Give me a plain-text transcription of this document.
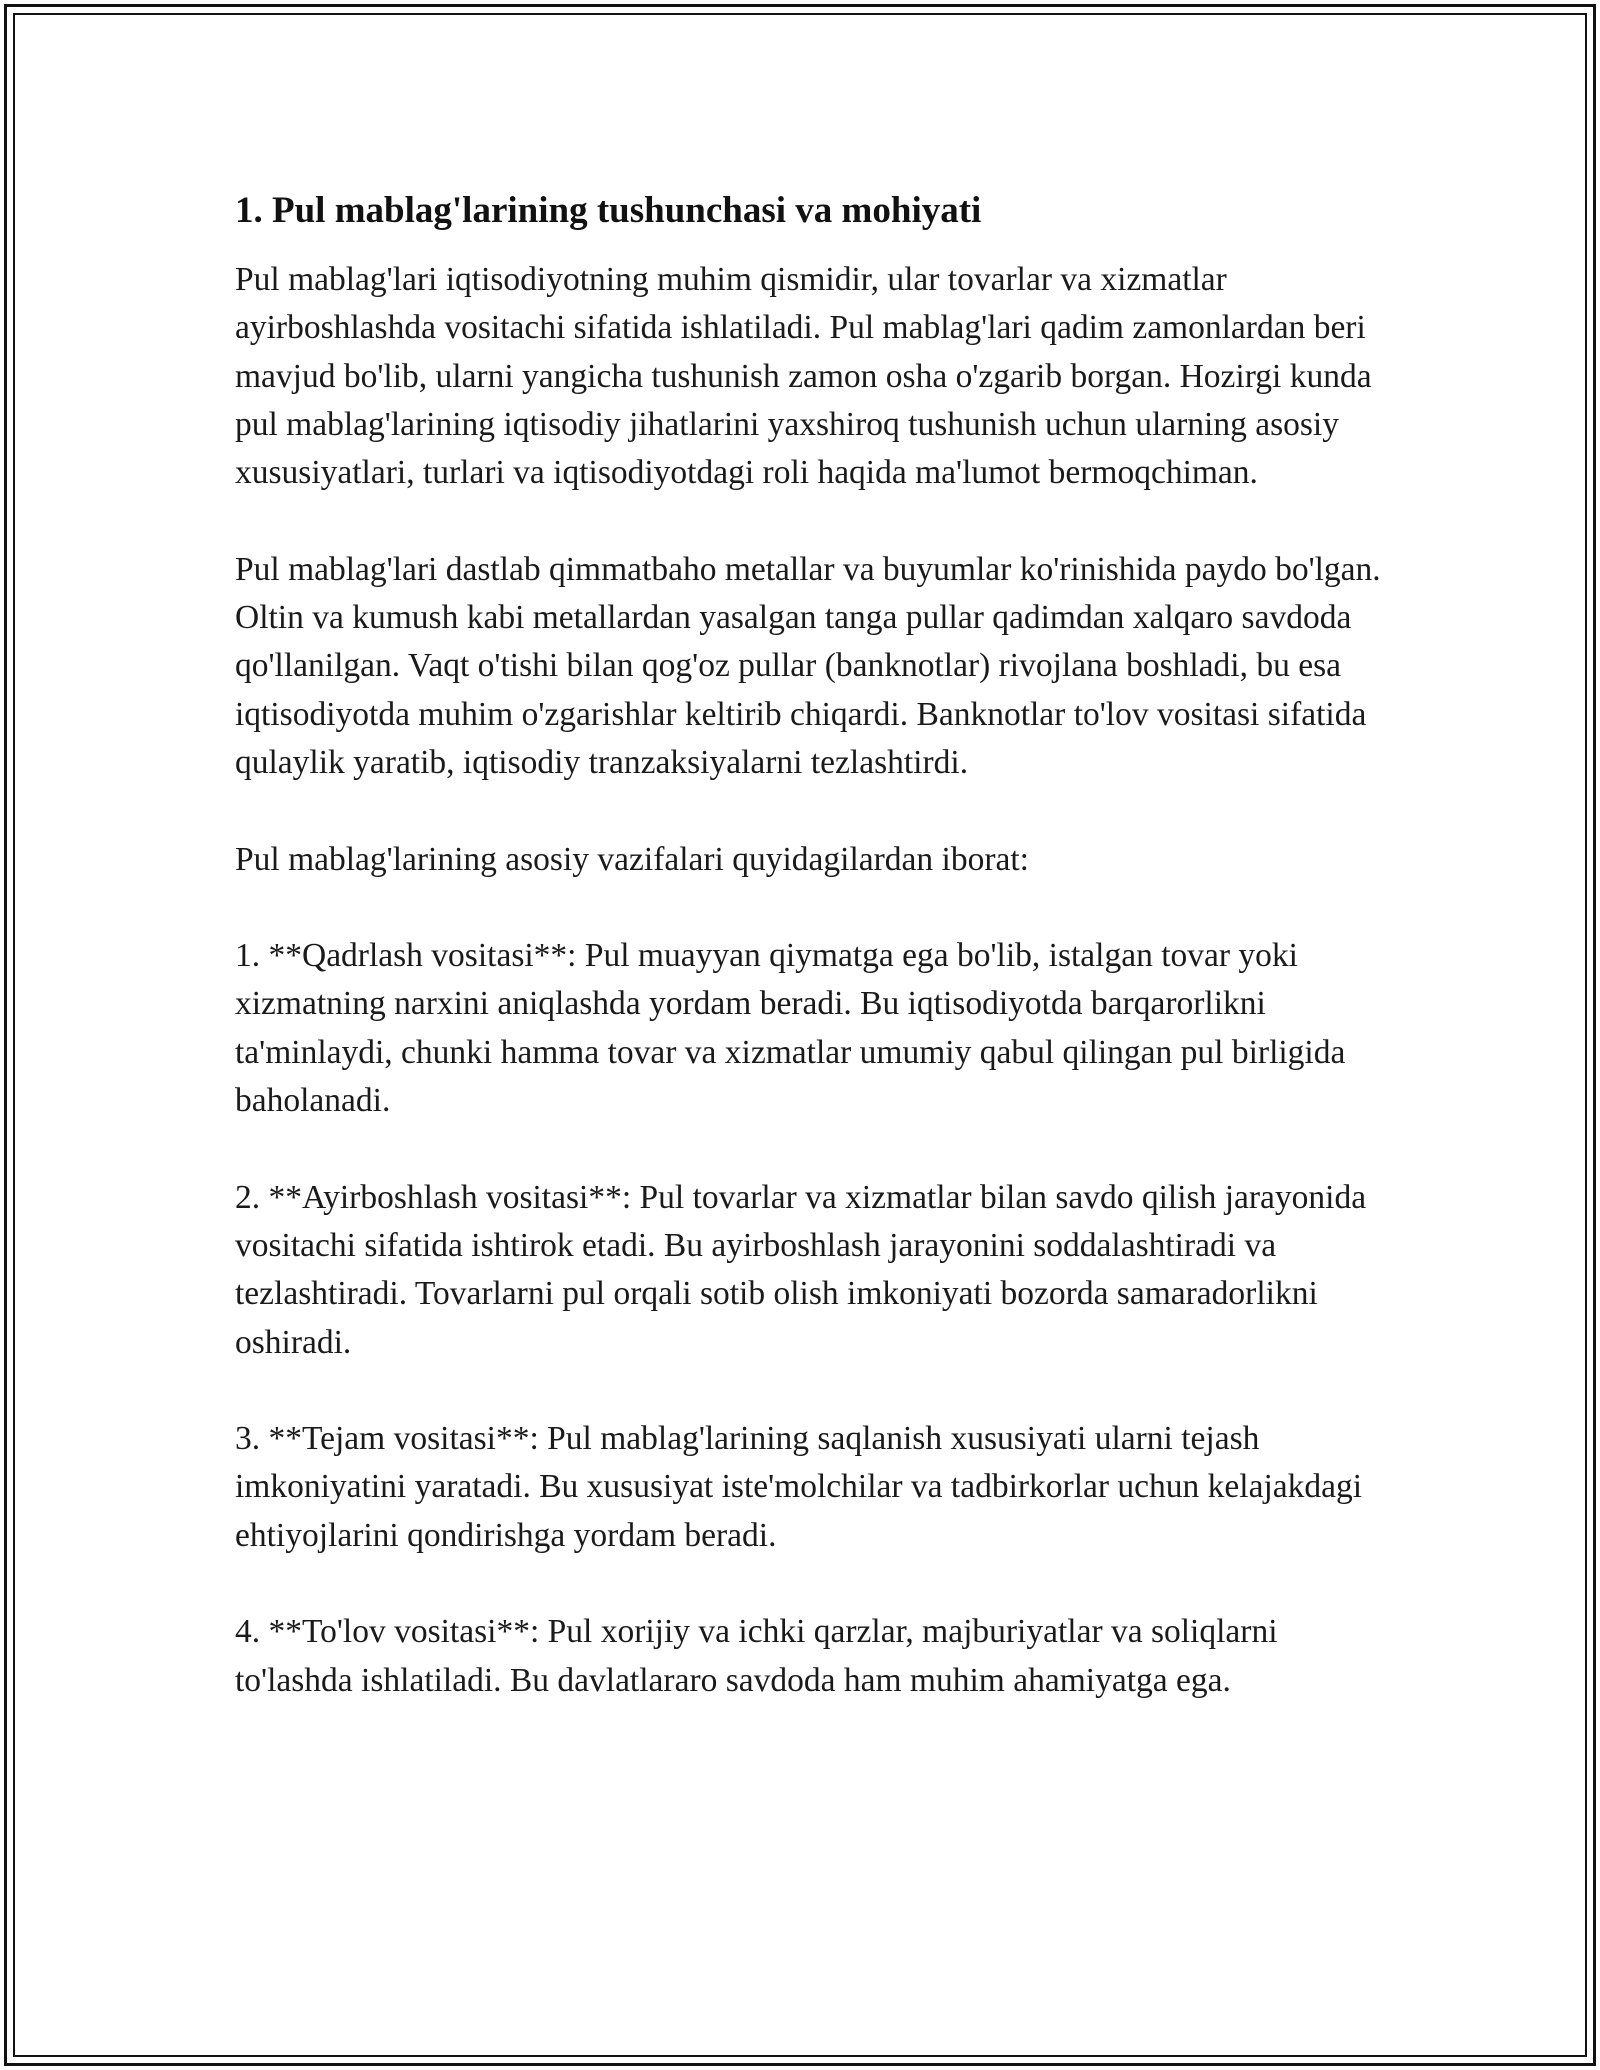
1. Pul mablag'larining tushunchasi va mohiyati

Pul mablag'lari iqtisodiyotning muhim qismidir, ular tovarlar va xizmatlar ayirboshlashda vositachi sifatida ishlatiladi. Pul mablag'lari qadim zamonlardan beri mavjud bo'lib, ularni yangicha tushunish zamon osha o'zgarib borgan. Hozirgi kunda pul mablag'larining iqtisodiy jihatlarini yaxshiroq tushunish uchun ularning asosiy xususiyatlari, turlari va iqtisodiyotdagi roli haqida ma'lumot bermoqchiman.

Pul mablag'lari dastlab qimmatbaho metallar va buyumlar ko'rinishida paydo bo'lgan. Oltin va kumush kabi metallardan yasalgan tanga pullar qadimdan xalqaro savdoda qo'llanilgan. Vaqt o'tishi bilan qog'oz pullar (banknotlar) rivojlana boshladi, bu esa iqtisodiyotda muhim o'zgarishlar keltirib chiqardi. Banknotlar to'lov vositasi sifatida qulaylik yaratib, iqtisodiy tranzaksiyalarni tezlashtirdi.

Pul mablag'larining asosiy vazifalari quyidagilardan iborat:

1. **Qadrlash vositasi**: Pul muayyan qiymatga ega bo'lib, istalgan tovar yoki xizmatning narxini aniqlashda yordam beradi. Bu iqtisodiyotda barqarorlikni ta'minlaydi, chunki hamma tovar va xizmatlar umumiy qabul qilingan pul birligida baholanadi.

2. **Ayirboshlash vositasi**: Pul tovarlar va xizmatlar bilan savdo qilish jarayonida vositachi sifatida ishtirok etadi. Bu ayirboshlash jarayonini soddalashtiradi va tezlashtiradi. Tovarlarni pul orqali sotib olish imkoniyati bozorda samaradorlikni oshiradi.

3. **Tejam vositasi**: Pul mablag'larining saqlanish xususiyati ularni tejash imkoniyatini yaratadi. Bu xususiyat iste'molchilar va tadbirkorlar uchun kelajakdagi ehtiyojlarini qondirishga yordam beradi.

4. **To'lov vositasi**: Pul xorijiy va ichki qarzlar, majburiyatlar va soliqlarni to'lashda ishlatiladi. Bu davlatlararo savdoda ham muhim ahamiyatga ega.
